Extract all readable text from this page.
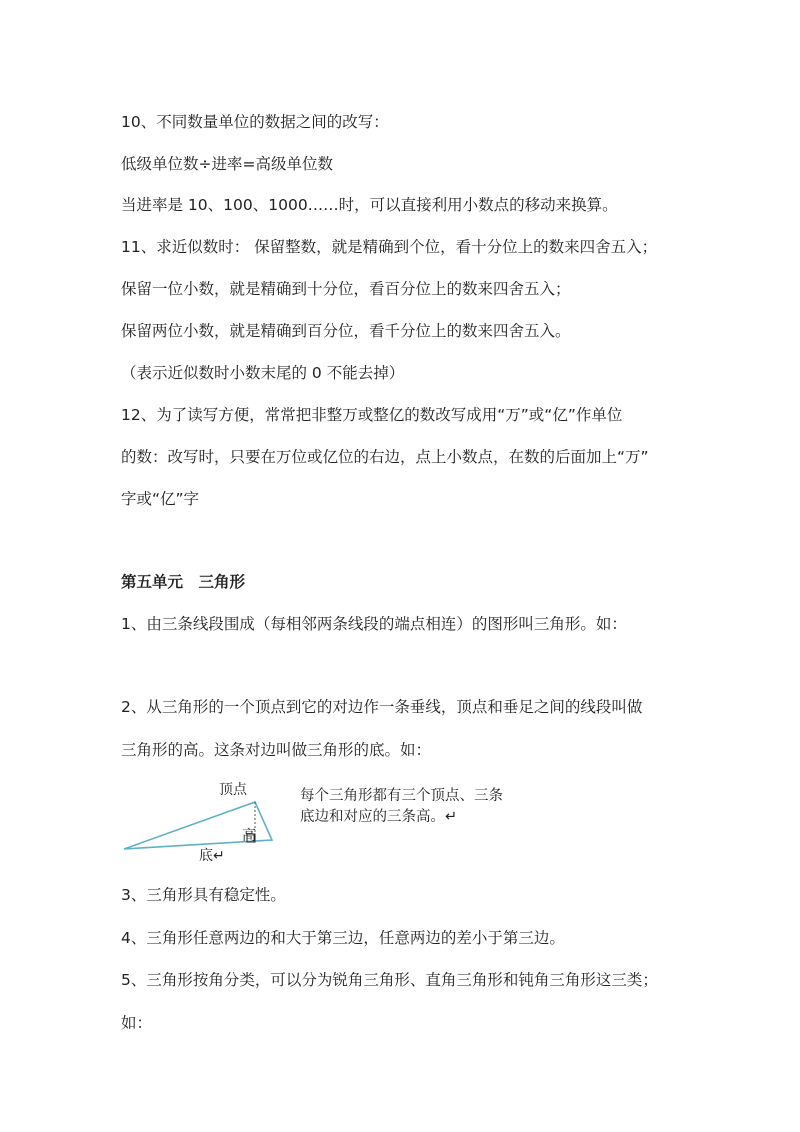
10、不同数量单位的数据之间的改写：
低级单位数÷进率=高级单位数
当进率是 10、100、1000……时，可以直接利用小数点的移动来换算。
11、求近似数时： 保留整数，就是精确到个位，看十分位上的数来四舍五入；
保留一位小数，就是精确到十分位，看百分位上的数来四舍五入；
保留两位小数，就是精确到百分位，看千分位上的数来四舍五入。
（表示近似数时小数末尾的 0 不能去掉）
12、为了读写方便，常常把非整万或整亿的数改写成用“万”或“亿”作单位
的数：改写时，只要在万位或亿位的右边，点上小数点，在数的后面加上“万”
字或“亿”字
第五单元　三角形
1、由三条线段围成（每相邻两条线段的端点相连）的图形叫三角形。如：
2、从三角形的一个顶点到它的对边作一条垂线，顶点和垂足之间的线段叫做
三角形的高。这条对边叫做三角形的底。如：
顶点
高
底↵
每个三角形都有三个顶点、三条
底边和对应的三条高。↵
3、三角形具有稳定性。
4、三角形任意两边的和大于第三边，任意两边的差小于第三边。
5、三角形按角分类，可以分为锐角三角形、直角三角形和钝角三角形这三类；
如：
